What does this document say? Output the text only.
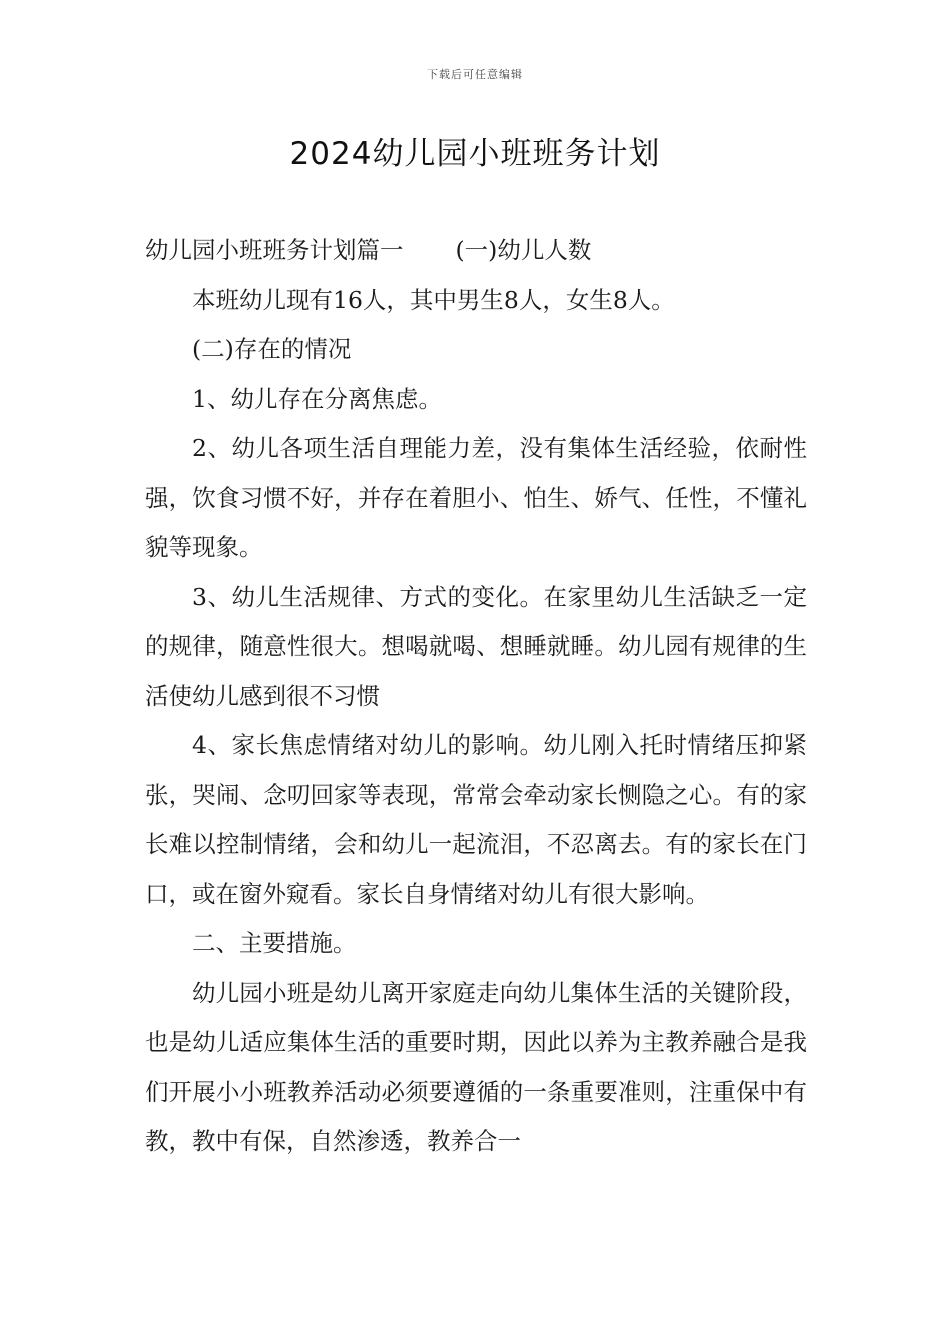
下载后可任意编辑
2024幼儿园小班班务计划

幼儿园小班班务计划篇一 (一)幼儿人数

本班幼儿现有16人，其中男生8人，女生8人。

(二)存在的情况

1、幼儿存在分离焦虑。

2、幼儿各项生活自理能力差，没有集体生活经验，依耐性强，饮食习惯不好，并存在着胆小、怕生、娇气、任性，不懂礼貌等现象。

3、幼儿生活规律、方式的变化。在家里幼儿生活缺乏一定的规律，随意性很大。想喝就喝、想睡就睡。幼儿园有规律的生活使幼儿感到很不习惯

4、家长焦虑情绪对幼儿的影响。幼儿刚入托时情绪压抑紧张，哭闹、念叨回家等表现，常常会牵动家长恻隐之心。有的家长难以控制情绪，会和幼儿一起流泪，不忍离去。有的家长在门口，或在窗外窥看。家长自身情绪对幼儿有很大影响。

二、主要措施。

幼儿园小班是幼儿离开家庭走向幼儿集体生活的关键阶段，也是幼儿适应集体生活的重要时期，因此以养为主教养融合是我们开展小小班教养活动必须要遵循的一条重要准则，注重保中有教，教中有保，自然渗透，教养合一
